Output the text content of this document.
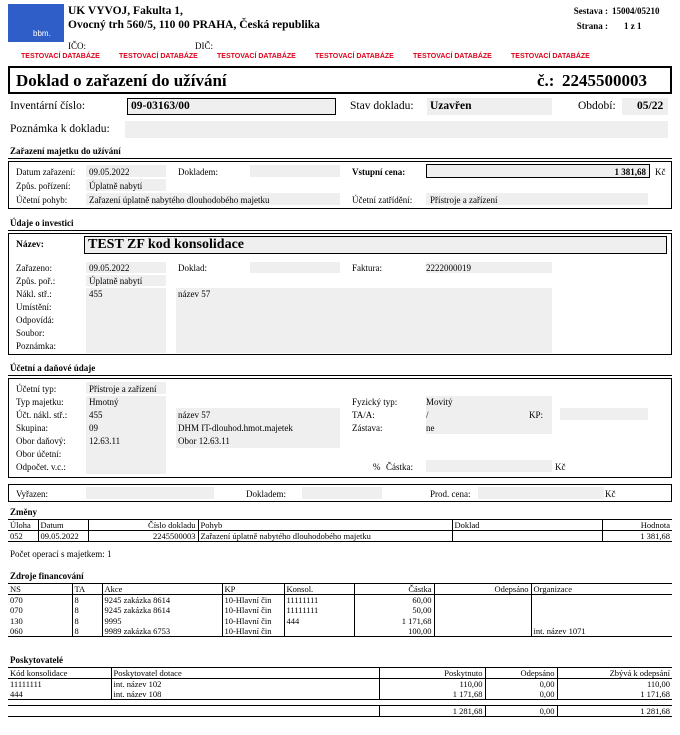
bbm.
UK VYVOJ, Fakulta 1,
Ovocný trh 560/5, 110 00 PRAHA, Česká republika
IČO:	DIČ:
Sestava : 15004/05210
Strana : 1 z 1
TESTOVACÍ DATABÁZE	TESTOVACÍ DATABÁZE	TESTOVACÍ DATABÁZE	TESTOVACÍ DATABÁZE	TESTOVACÍ DATABÁZE	TESTOVACÍ DATABÁZE
Doklad o zařazení do užívání	č.: 2245500003
Inventární číslo:	09-03163/00	Stav dokladu: Uzavřen	Období: 05/22
Poznámka k dokladu:
Zařazení majetku do užívání
Datum zařazení: 09.05.2022	Dokladem:	Vstupní cena:	1 381,68 Kč
Způs. pořízení: Úplatně nabytí
Účetní pohyb: Zařazení úplatně nabytého dlouhodobého majetku	Účetní zatřídění: Přístroje a zařízení
Údaje o investici
Název:	TEST ZF kod konsolidace
Zařazeno:	09.05.2022	Doklad:	Faktura:	2222000019
Způs. poř.:	Úplatně nabytí
Nákl. stř.:	455	název 57
Umístění:
Odpovídá:
Soubor:
Poznámka:
Účetní a daňové údaje
Účetní typ:	Přístroje a zařízení
Typ majetku:	Hmotný	Fyzický typ:	Movitý
Účt. nákl. stř.: 455	název 57	TA/A:	/	KP:
Skupina:	09	DHM IT-dlouhod.hmot.majetek	Zástava:	ne
Obor daňový:	12.63.11	Obor 12.63.11
Obor účetní:
Odpočet. v.c.:	% Částka:	Kč
Vyřazen:	Dokladem:	Prod. cena:	Kč
Změny
Úloha	Datum	Číslo dokladu	Pohyb	Doklad	Hodnota
052	09.05.2022	2245500003	Zařazení úplatně nabytého dlouhodobého majetku		1 381,68
Počet operací s majetkem: 1
Zdroje financování
NS	TA	Akce	KP	Konsol.	Částka	Odepsáno	Organizace
070	8	9245 zakázka 8614	10-Hlavní čin	11111111	60,00		
070	8	9245 zakázka 8614	10-Hlavní čin	11111111	50,00		
130	8	9995	10-Hlavní čin	444	1 171,68		
060	8	9989 zakázka 6753	10-Hlavní čin		100,00		int. název 1071
Poskytovatelé
Kód konsolidace	Poskytovatel dotace	Poskytnuto	Odepsáno	Zbývá k odepsání
11111111	int. název 102	110,00	0,00	110,00
444	int. název 108	1 171,68	0,00	1 171,68

		1 281,68	0,00	1 281,68
